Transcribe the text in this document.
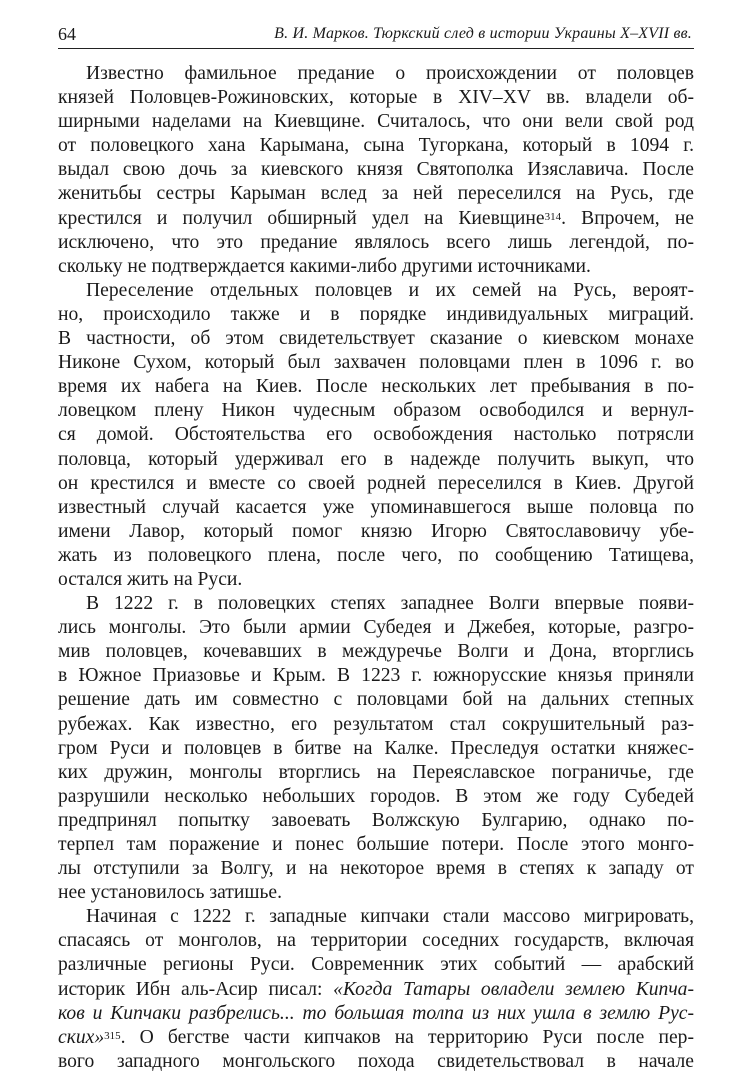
64	В. И. Марков. Тюркский след в истории Украины X–XVII вв.
Известно фамильное предание о происхождении от половцев
князей Половцев-Рожиновских, которые в XIV–XV вв. владели об-
ширными наделами на Киевщине. Считалось, что они вели свой род
от половецкого хана Карымана, сына Тугоркана, который в 1094 г.
выдал свою дочь за киевского князя Святополка Изяславича. После
женитьбы сестры Карыман вслед за ней переселился на Русь, где
крестился и получил обширный удел на Киевщине$^{314}$. Впрочем, не
исключено, что это предание являлось всего лишь легендой, по-
скольку не подтверждается какими-либо другими источниками.
Переселение отдельных половцев и их семей на Русь, вероят-
но, происходило также и в порядке индивидуальных миграций.
В частности, об этом свидетельствует сказание о киевском монахе
Никоне Сухом, который был захвачен половцами плен в 1096 г. во
время их набега на Киев. После нескольких лет пребывания в по-
ловецком плену Никон чудесным образом освободился и вернул-
ся домой. Обстоятельства его освобождения настолько потрясли
половца, который удерживал его в надежде получить выкуп, что
он крестился и вместе со своей родней переселился в Киев. Другой
известный случай касается уже упоминавшегося выше половца по
имени Лавор, который помог князю Игорю Святославовичу убе-
жать из половецкого плена, после чего, по сообщению Татищева,
остался жить на Руси.
В 1222 г. в половецких степях западнее Волги впервые появи-
лись монголы. Это были армии Субедея и Джебея, которые, разгро-
мив половцев, кочевавших в междуречье Волги и Дона, вторглись
в Южное Приазовье и Крым. В 1223 г. южнорусские князья приняли
решение дать им совместно с половцами бой на дальних степных
рубежах. Как известно, его результатом стал сокрушительный раз-
гром Руси и половцев в битве на Калке. Преследуя остатки княжес-
ких дружин, монголы вторглись на Переяславское пограничье, где
разрушили несколько небольших городов. В этом же году Субедей
предпринял попытку завоевать Волжскую Булгарию, однако по-
терпел там поражение и понес большие потери. После этого монго-
лы отступили за Волгу, и на некоторое время в степях к западу от
нее установилось затишье.
Начиная с 1222 г. западные кипчаки стали массово мигрировать,
спасаясь от монголов, на территории соседних государств, включая
различные регионы Руси. Современник этих событий — арабский
историк Ибн аль-Асир писал: «Когда Татары овладели землею Кипча-
ков и Кипчаки разбрелись... то большая толпа из них ушла в землю Рус-
ских»$^{315}$. О бегстве части кипчаков на территорию Руси после пер-
вого западного монгольского похода свидетельствовал в начале
